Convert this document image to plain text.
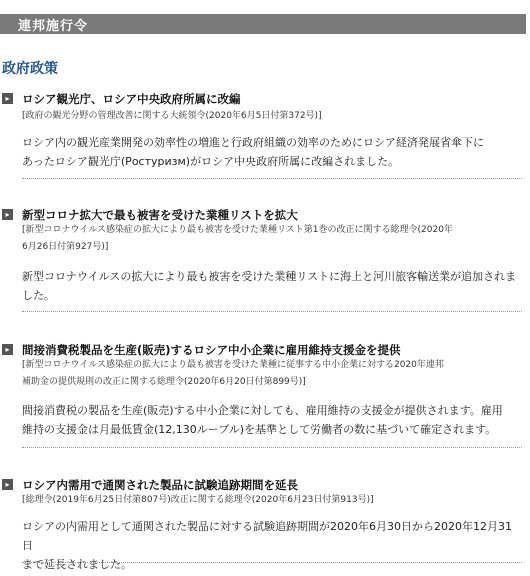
連邦施行令
政府政策
▸	ロシア観光庁、ロシア中央政府所属に改編
[政府の観光分野の管理改善に関する大統領令(2020年6月5日付第372号)]
ロシア内の観光産業開発の効率性の増進と行政府組織の効率のためにロシア経済発展省傘下に
あったロシア観光庁(Ростуризм)がロシア中央政府所属に改編されました。
▸	新型コロナ拡大で最も被害を受けた業種リストを拡大
[新型コロナウイルス感染症の拡大により最も被害を受けた業種リスト第1巻の改正に関する総理令(2020年
6月26日付第927号)]
新型コロナウイルスの拡大により最も被害を受けた業種リストに海上と河川旅客輸送業が追加されま
した。
▸	間接消費税製品を生産(販売)するロシア中小企業に雇用維持支援金を提供
[新型コロナウイルス感染症の拡大により最も被害を受けた業種に従事する中小企業に対する2020年連邦
補助金の提供規則の改正に関する総理令(2020年6月20日付第899号)]
間接消費税の製品を生産(販売)する中小企業に対しても、雇用維持の支援金が提供されます。雇用
維持の支援金は月最低賃金(12,130ルーブル)を基準として労働者の数に基づいて確定されます。
▸	ロシア内需用で通関された製品に試験追跡期間を延長
[総理令(2019年6月25日付第807号)改正に関する総理令(2020年6月23日付第913号)]
ロシアの内需用として通関された製品に対する試験追跡期間が2020年6月30日から2020年12月31日
まで延長されました。
